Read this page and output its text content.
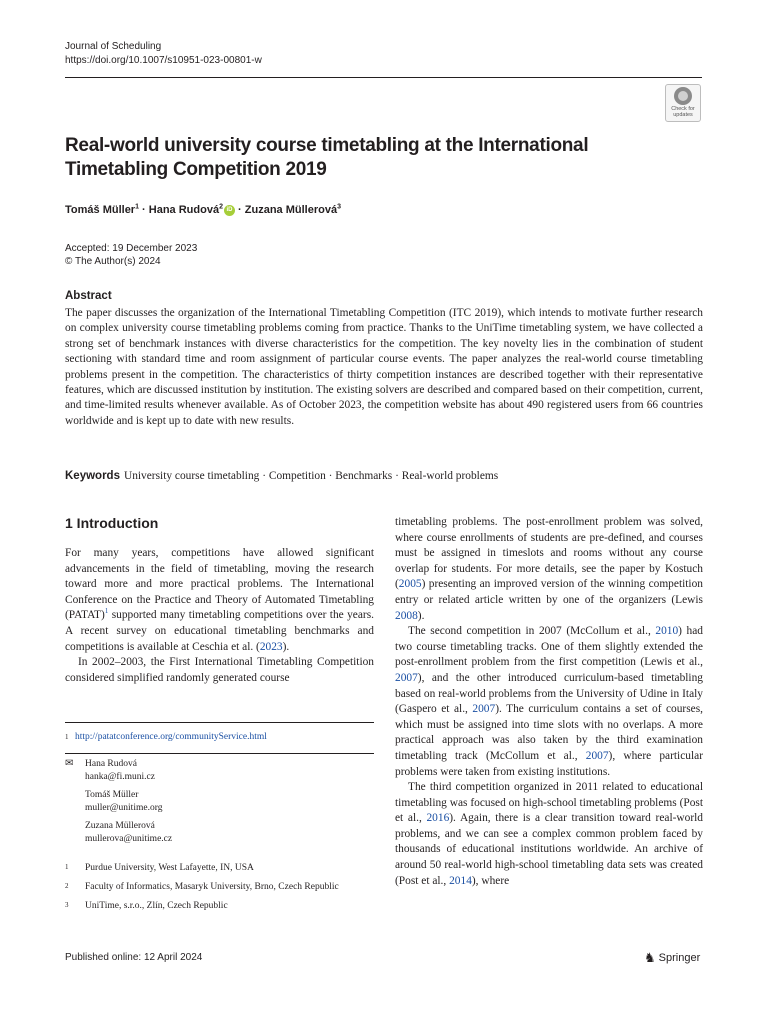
Journal of Scheduling
https://doi.org/10.1007/s10951-023-00801-w
Check for updates
Real-world university course timetabling at the International Timetabling Competition 2019
Tomáš Müller$^1$ · Hana Rudová$^2$ iD · Zuzana Müllerová$^3$
Accepted: 19 December 2023
© The Author(s) 2024
Abstract
The paper discusses the organization of the International Timetabling Competition (ITC 2019), which intends to motivate further research on complex university course timetabling problems coming from practice. Thanks to the UniTime timetabling system, we have collected a strong set of benchmark instances with diverse characteristics for the competition. The key novelty lies in the combination of student sectioning with standard time and room assignment of particular course events. The paper analyzes the real-world course timetabling problems present in the competition. The characteristics of thirty competition instances are described together with their representative features, which are discussed institution by institution. The existing solvers are described and compared based on their competition, current, and time-limited results whenever available. As of October 2023, the competition website has about 490 registered users from 66 countries worldwide and is kept up to date with new results.
Keywords University course timetabling · Competition · Benchmarks · Real-world problems
1 Introduction

For many years, competitions have allowed significant advancements in the field of timetabling, moving the research toward more and more practical problems. The International Conference on the Practice and Theory of Automated Timetabling (PATAT)$^1$ supported many timetabling competitions over the years. A recent survey on educational timetabling benchmarks and competitions is available at Ceschia et al. (2023).

In 2002–2003, the First International Timetabling Competition considered simplified randomly generated course

timetabling problems. The post-enrollment problem was solved, where course enrollments of students are pre-defined, and courses must be assigned in timeslots and rooms without any course overlap for students. For more details, see the paper by Kostuch (2005) presenting an improved version of the winning competition entry or related article written by one of the organizers (Lewis 2008).

The second competition in 2007 (McCollum et al., 2010) had two course timetabling tracks. One of them slightly extended the post-enrollment problem from the first competition (Lewis et al., 2007), and the other introduced curriculum-based timetabling based on real-world problems from the University of Udine in Italy (Gaspero et al., 2007). The curriculum contains a set of courses, which must be assigned into time slots with no overlaps. A more practical approach was also taken by the third examination timetabling track (McCollum et al., 2007), where particular problems were taken from existing institutions.

The third competition organized in 2011 related to educational timetabling was focused on high-school timetabling problems (Post et al., 2016). Again, there is a clear transition toward real-world problems, and we can see a complex common problem faced by thousands of educational institutions worldwide. An archive of around 50 real-world high-school timetabling data sets was created (Post et al., 2014), where

1 http://patatconference.org/communityService.html
✉	Hana Rudová
hanka@fi.muni.cz
Tomáš Müller
muller@unitime.org
Zuzana Müllerová
mullerova@unitime.cz
1	Purdue University, West Lafayette, IN, USA
2	Faculty of Informatics, Masaryk University, Brno, Czech Republic
3	UniTime, s.r.o., Zlín, Czech Republic
Published online: 12 April 2024	♞ Springer
